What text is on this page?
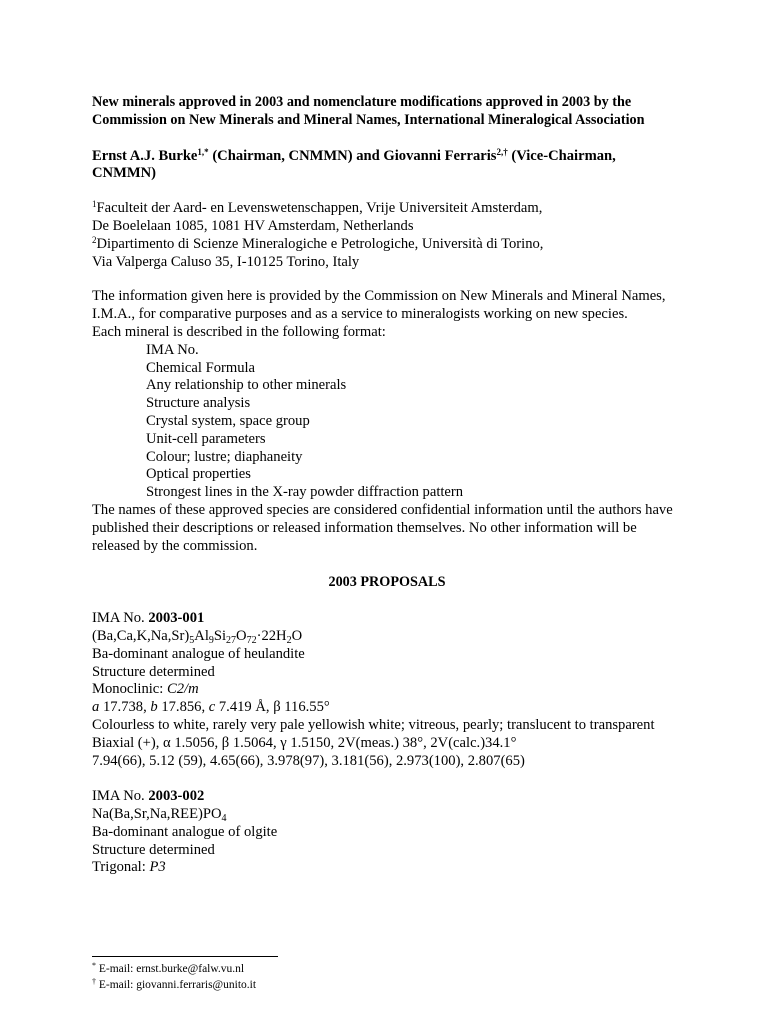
New minerals approved in 2003 and nomenclature modifications approved in 2003 by the Commission on New Minerals and Mineral Names, International Mineralogical Association

Ernst A.J. Burke$^{1,*}$ (Chairman, CNMMN) and Giovanni Ferraris$^{2,\dagger}$ (Vice-Chairman, CNMMN)

$^1$Faculteit der Aard- en Levenswetenschappen, Vrije Universiteit Amsterdam,
De Boelelaan 1085, 1081 HV Amsterdam, Netherlands
$^2$Dipartimento di Scienze Mineralogiche e Petrologiche, Università di Torino,
Via Valperga Caluso 35, I-10125 Torino, Italy
The information given here is provided by the Commission on New Minerals and Mineral Names, I.M.A., for comparative purposes and as a service to mineralogists working on new species.
Each mineral is described in the following format:
IMA No.
Chemical Formula
Any relationship to other minerals
Structure analysis
Crystal system, space group
Unit-cell parameters
Colour; lustre; diaphaneity
Optical properties
Strongest lines in the X-ray powder diffraction pattern
The names of these approved species are considered confidential information until the authors have published their descriptions or released information themselves. No other information will be released by the commission.
2003 PROPOSALS
IMA No. 2003-001
$(Ba,Ca,K,Na,Sr)_5Al_9Si_{27}O_{72}\cdot 22H_2O$
Ba-dominant analogue of heulandite
Structure determined
Monoclinic: C2/m
a 17.738, b 17.856, c 7.419 Å, β 116.55°
Colourless to white, rarely very pale yellowish white; vitreous, pearly; translucent to transparent
Biaxial (+), α 1.5056, β 1.5064, γ 1.5150, 2V(meas.) 38°, 2V(calc.)34.1°
7.94(66), 5.12 (59), 4.65(66), 3.978(97), 3.181(56), 2.973(100), 2.807(65)
IMA No. 2003-002
$Na(Ba,Sr,Na,REE)PO_4$
Ba-dominant analogue of olgite
Structure determined
Trigonal: P3
* E-mail: ernst.burke@falw.vu.nl
† E-mail: giovanni.ferraris@unito.it
